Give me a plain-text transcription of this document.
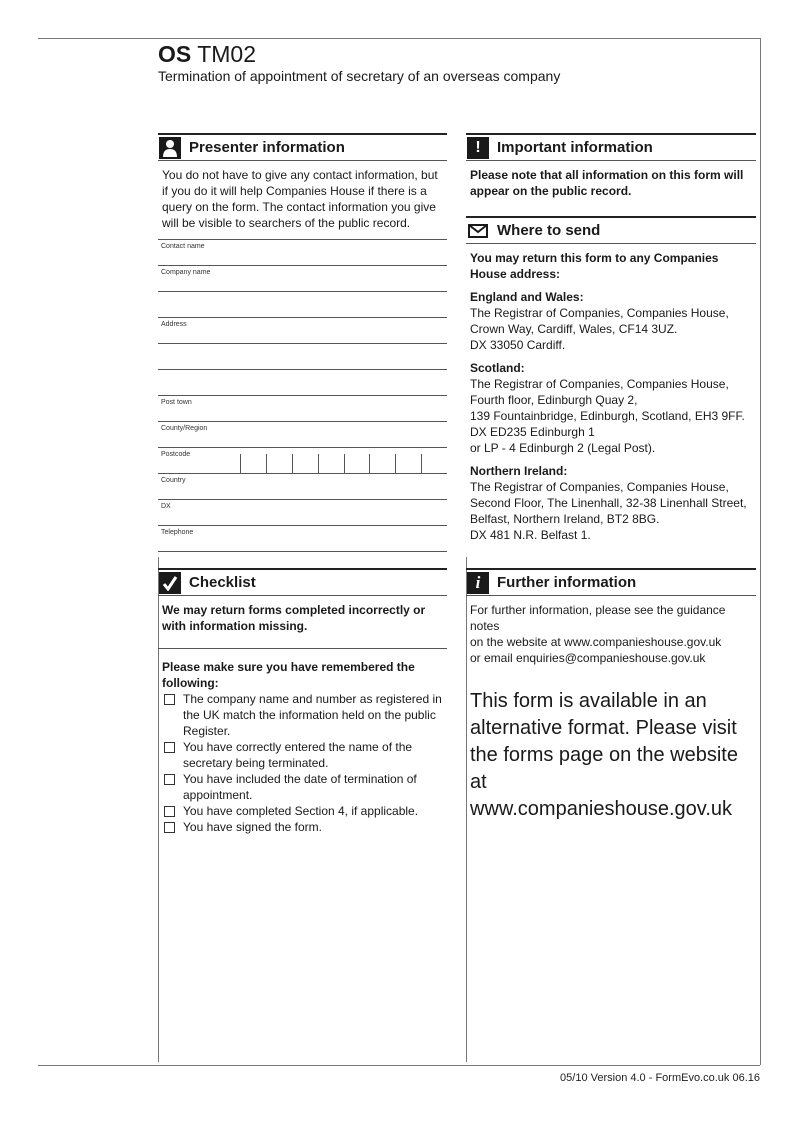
OS TM02
Termination of appointment of secretary of an overseas company
Presenter information
You do not have to give any contact information, but if you do it will help Companies House if there is a query on the form. The contact information you give will be visible to searchers of the public record.
Contact name
Company name
Address
Post town
County/Region
Postcode
Country
DX
Telephone
Checklist
We may return forms completed incorrectly or with information missing.
Please make sure you have remembered the following:
The company name and number as registered in the UK match the information held on the public Register.
You have correctly entered the name of the secretary being terminated.
You have included the date of termination of appointment.
You have completed Section 4, if applicable.
You have signed the form.
! Important information
Please note that all information on this form will appear on the public record.
Where to send

You may return this form to any Companies House address:

England and Wales:
The Registrar of Companies, Companies House,
Crown Way, Cardiff, Wales, CF14 3UZ.
DX 33050 Cardiff.

Scotland:
The Registrar of Companies, Companies House,
Fourth floor, Edinburgh Quay 2,
139 Fountainbridge, Edinburgh, Scotland, EH3 9FF.
DX ED235 Edinburgh 1
or LP - 4 Edinburgh 2 (Legal Post).

Northern Ireland:
The Registrar of Companies, Companies House,
Second Floor, The Linenhall, 32-38 Linenhall Street,
Belfast, Northern Ireland, BT2 8BG.
DX 481 N.R. Belfast 1.

i Further information
For further information, please see the guidance notes
on the website at www.companieshouse.gov.uk
or email enquiries@companieshouse.gov.uk
This form is available in an alternative format. Please visit the forms page on the website at www.companieshouse.gov.uk
05/10 Version 4.0 - FormEvo.co.uk 06.16
